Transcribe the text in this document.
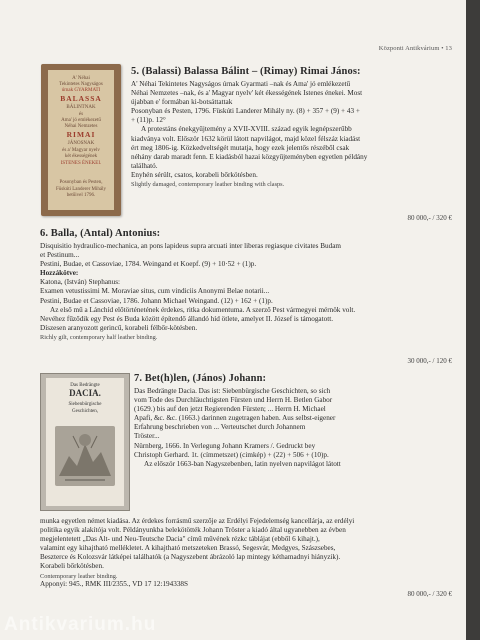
Központi Antikvárium • 13
A' Néhai
Tekintetes Nagyságos
úrnak GYARMATI
BALASSA
BÁLINTNAK
és
Ama' jó emlékezetű
Néhai Nemzetes
RIMAI
JÁNOSNAK
és a' Magyar nyelv
két ékességének
ISTENES ÉNEKEI.
Posonyban és Pesten,
Füskúti Landerer Mihály
betűivel 1796.
5. (Balassi) Balassa Bálint – (Rimay) Rimai János:

A' Néhai Tekintetes Nagyságos úrnak Gyarmati –nak és Ama' jó emlékezetű

Néhai Nemzetes –nak, és a' Magyar nyelv' két ékességének Istenes énekei. Most

újabban e' formában ki-botsáttattak

Posonyban és Pesten, 1796. Füskúti Landerer Mihály ny. (8) + 357 + (9) + 43 +

+ (11)p. 12°

A protestáns énekgyűjtemény a XVII-XVIII. század egyik legnépszerűbb

kiadványa volt. Először 1632 körül látott napvilágot, majd közel félszáz kiadást

ért meg 1806-ig. Közkedveltségét mutatja, hogy ezek jelentős részéből csak

néhány darab maradt fenn. E kiadásból hazai közgyűjteményben egyetlen példány

található.

Enyhén sérült, csatos, korabeli bőrkötésben.

Slightly damaged, contemporary leather binding with clasps.
80 000,- / 320 €
6. Balla, (Antal) Antonius:

Disquisitio hydraulico-mechanica, an pons lapideus supra arcuati inter liberas regiasque civitates Budam

et Pestinum...

Pestini, Budae, et Cassoviae, 1784. Weingand et Koepf. (9) + 10·52 + (1)p.

Hozzákötve:

Katona, (István) Stephanus:

Examen vetustissimi M. Moraviae situs, cum vindiciis Anonymi Belae notarii...

Pestini, Budae et Cassoviae, 1786. Johann Michael Weingand. (12) + 162 + (1)p.

Az első mű a Lánchíd előtörténetének érdekes, ritka dokumentuma. A szerző Pest vármegyei mérnök volt.

Nevéhez fűződik egy Pest és Buda között építendő állandó híd ötlete, amelyet II. József is támogatott.

Díszesen aranyozott gerincű, korabeli félbőr-kötésben.

Richly gilt, contemporary half leather binding.
30 000,- / 120 €
Das Bedrängte
DACIA.
Siebenbürgische
Geschichten,
7. Bet(h)len, (János) Johann:

Das Bedrängte Dacia. Das ist: Siebenbürgische Geschichten, so sich

vom Tode des Durchläuchtigsten Fürsten und Herrn H. Betlen Gabor

(1629.) bis auf den jetzt Regierenden Fürsten; ... Herrn H. Michael

Apafi, &c. &c. (1663.) darinnen zugetragen haben. Aus selbst-eigener

Erfahrung beschrieben von ... Verteutschet durch Johannem

Tröster...

Nürnberg, 1666. In Verlegung Johann Kramers /. Gedruckt bey

Christoph Gerhard. 1t. (címmetszet) (cimkép) + (22) + 506 + (10)p.

Az először 1663-ban Nagyszebenben, latin nyelven napvilágot látott

munka egyetlen német kiadása. Az érdekes forrásmű szerzője az Erdélyi Fejedelemség kancellárja, az erdélyi

politika egyik alakítója volt. Példányunkba belekötötték Johann Tröster a kiadó által ugyanebben az évben

megjelentetett „Das Alt- und Neu-Teutsche Dacia" című művének rézkc táblájat (ebből 6 kihajt.),

valamint egy kihajtható mellékletet. A kihajtható metszeteken Brassó, Segesvár, Medgyes, Szászsebes,

Beszterce és Kolozsvár látképei találhatók (a Nagyszebent ábrázoló lap mintegy kéthamadnyi hiányzik).

Korabeli bőrkötésben.

Contemporary leather binding.
Apponyi: 945., RMK III/2355., VD 17 12:194338S
80 000,- / 320 €
Antikvarium.hu
